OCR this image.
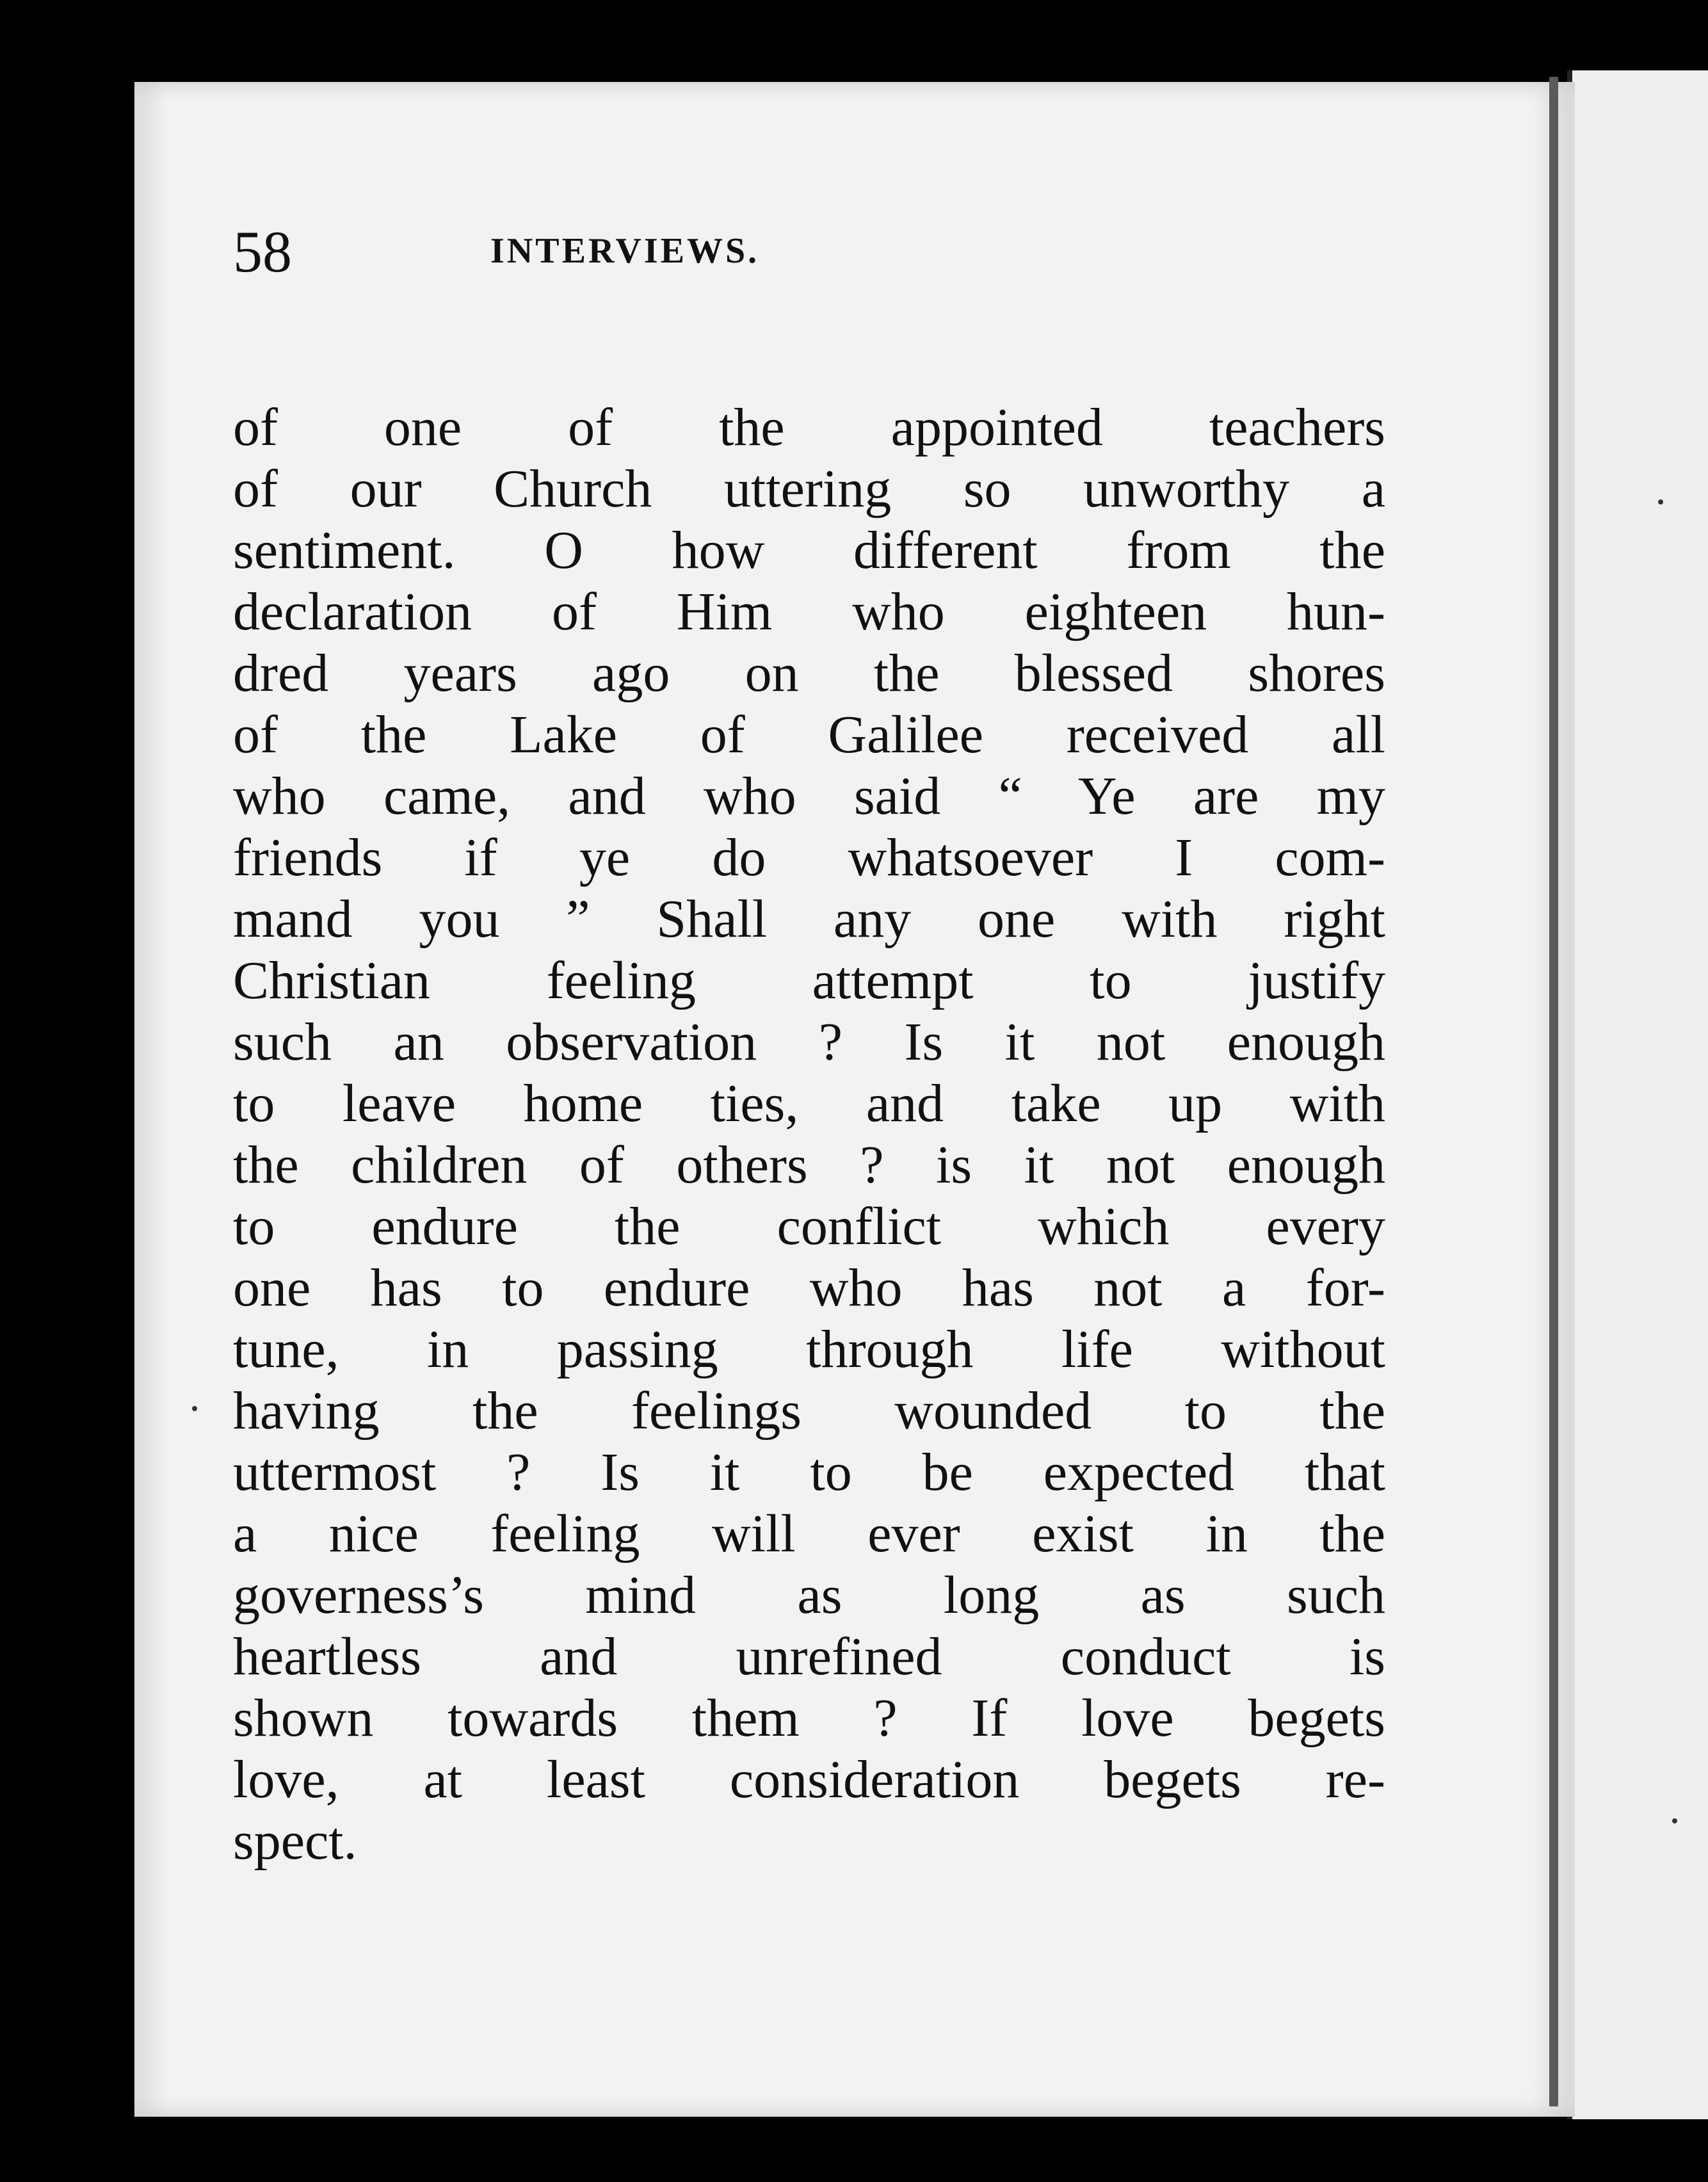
58	INTERVIEWS.
of one of the appointed teachers
of our Church uttering so unworthy a
sentiment. O how different from the
declaration of Him who eighteen hun-
dred years ago on the blessed shores
of the Lake of Galilee received all
who came, and who said “ Ye are my
friends if ye do whatsoever I com-
mand you ” Shall any one with right
Christian feeling attempt to justify
such an observation ? Is it not enough
to leave home ties, and take up with
the children of others ? is it not enough
to endure the conflict which every
one has to endure who has not a for-
tune, in passing through life without
having the feelings wounded to the
uttermost ? Is it to be expected that
a nice feeling will ever exist in the
governess’s mind as long as such
heartless and unrefined conduct is
shown towards them ? If love begets
love, at least consideration begets re-
spect.
